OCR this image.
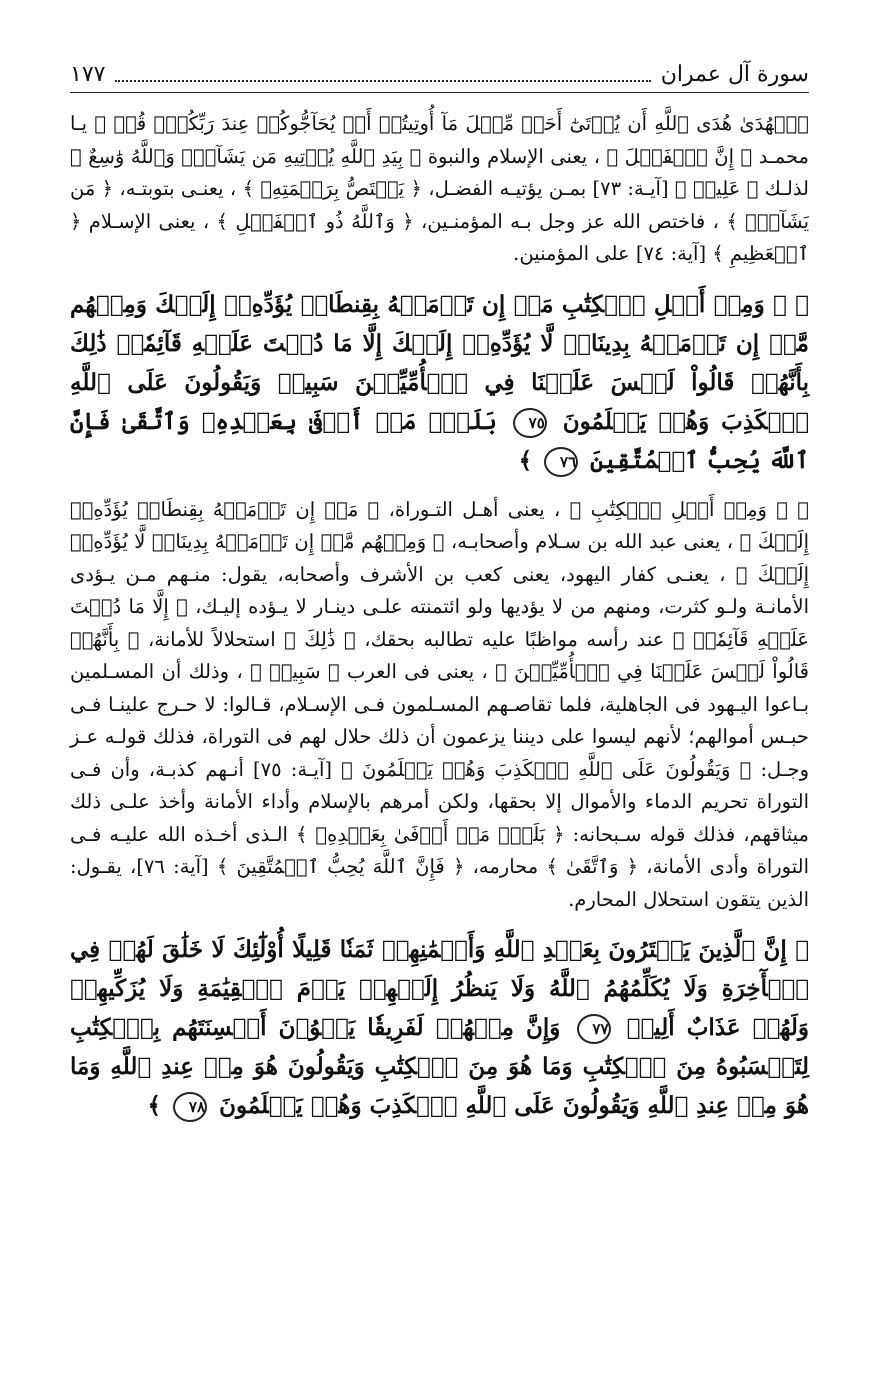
سورة آل عمران
١٧٧

ٱلۡهُدَىٰ هُدَى ٱللَّهِ أَن يُؤۡتَىٰٓ أَحَدٞ مِّثۡلَ مَآ أُوتِيتُمۡ أَوۡ يُحَآجُّوكُمۡ عِندَ رَبِّكُمۡۗ قُلۡ ﴾ يـا محمـد ﴿ إِنَّ ٱلۡفَضۡلَ ﴾ ، يعنى الإسلام والنبوة ﴿ بِيَدِ ٱللَّهِ يُؤۡتِيهِ مَن يَشَآءُۗ وَٱللَّهُ وَٰسِعٌ ﴾ لذلـك ﴿ عَلِيمٞ ﴾ [آيـة: ٧٣] بمـن يؤتيـه الفضـل، ﴿ يَخۡتَصُّ بِرَحۡمَتِهِۦ ﴾ ، يعنـى بتوبتـه، ﴿ مَن يَشَآءُۗ ﴾ ، فاختص الله عز وجل بـه المؤمنـين، ﴿ وَٱللَّهُ ذُو ٱلۡفَضۡلِ ﴾ ، يعنى الإسـلام ﴿ ٱلۡعَظِيمِ ﴾ [آية: ٧٤] على المؤمنين.

﴿ ۞ وَمِنۡ أَهۡلِ ٱلۡكِتَٰبِ مَنۡ إِن تَأۡمَنۡهُ بِقِنطَارٖ يُؤَدِّهِۦٓ إِلَيۡكَ وَمِنۡهُم مَّنۡ إِن تَأۡمَنۡهُ بِدِينَارٖ لَّا يُؤَدِّهِۦٓ إِلَيۡكَ إِلَّا مَا دُمۡتَ عَلَيۡهِ قَآئِمٗاۗ ذَٰلِكَ بِأَنَّهُمۡ قَالُواْ لَيۡسَ عَلَيۡنَا فِي ٱلۡأُمِّيِّـۧنَ سَبِيلٞ وَيَقُولُونَ عَلَى ٱللَّهِ ٱلۡكَذِبَ وَهُمۡ يَعۡلَمُونَ ٧٥ بَلَىٰۚ مَنۡ أَوۡفَىٰ بِعَهۡدِهِۦ وَٱتَّقَىٰ فَإِنَّ ٱللَّهَ يُحِبُّ ٱلۡمُتَّقِينَ ٧٦ ﴾

﴿ ۞ وَمِنۡ أَهۡلِ ٱلۡكِتَٰبِ ﴾ ، يعنى أهـل التـوراة، ﴿ مَنۡ إِن تَأۡمَنۡهُ بِقِنطَارٖ يُؤَدِّهِۦٓ إِلَيۡكَ ﴾ ، يعنى عبد الله بن سـلام وأصحابـه، ﴿ وَمِنۡهُم مَّنۡ إِن تَأۡمَنۡهُ بِدِينَارٖ لَّا يُؤَدِّهِۦٓ إِلَيۡكَ ﴾ ، يعنـى كفار اليهود، يعنى كعب بن الأشرف وأصحابه، يقول: منـهم مـن يـؤدى الأمانـة ولـو كثرت، ومنهم من لا يؤديها ولو ائتمنته علـى دينـار لا يـؤده إليـك، ﴿ إِلَّا مَا دُمۡتَ عَلَيۡهِ قَآئِمٗاۗ ﴾ عند رأسه مواظبًا عليه تطالبه بحقك، ﴿ ذَٰلِكَ ﴾ استحلالاً للأمانة، ﴿ بِأَنَّهُمۡ قَالُواْ لَيۡسَ عَلَيۡنَا فِي ٱلۡأُمِّيِّـۧنَ ﴾ ، يعنى فى العرب ﴿ سَبِيلٞ ﴾ ، وذلك أن المسـلمين بـاعوا اليـهود فى الجاهلية، فلما تقاصـهم المسـلمون فـى الإسـلام، قـالوا: لا حـرج علينـا فـى حبـس أموالهم؛ لأنهم ليسوا على ديننا يزعمون أن ذلك حلال لهم فى التوراة، فذلك قولـه عـز وجـل: ﴿ وَيَقُولُونَ عَلَى ٱللَّهِ ٱلۡكَذِبَ وَهُمۡ يَعۡلَمُونَ ﴾ [آيـة: ٧٥] أنـهم كذبـة، وأن فـى التوراة تحريم الدماء والأموال إلا بحقها، ولكن أمرهم بالإسلام وأداء الأمانة وأخذ علـى ذلك ميثاقهم، فذلك قوله سـبحانه: ﴿ بَلَىٰۚ مَنۡ أَوۡفَىٰ بِعَهۡدِهِۦ ﴾ الـذى أخـذه الله عليـه فـى التوراة وأدى الأمانة، ﴿ وَٱتَّقَىٰ ﴾ محارمه، ﴿ فَإِنَّ ٱللَّهَ يُحِبُّ ٱلۡمُتَّقِينَ ﴾ [آية: ٧٦]، يقـول: الذين يتقون استحلال المحارم.

﴿ إِنَّ ٱلَّذِينَ يَشۡتَرُونَ بِعَهۡدِ ٱللَّهِ وَأَيۡمَٰنِهِمۡ ثَمَنٗا قَلِيلًا أُوْلَٰٓئِكَ لَا خَلَٰقَ لَهُمۡ فِي ٱلۡأٓخِرَةِ وَلَا يُكَلِّمُهُمُ ٱللَّهُ وَلَا يَنظُرُ إِلَيۡهِمۡ يَوۡمَ ٱلۡقِيَٰمَةِ وَلَا يُزَكِّيهِمۡ وَلَهُمۡ عَذَابٌ أَلِيمٞ ٧٧ وَإِنَّ مِنۡهُمۡ لَفَرِيقٗا يَلۡوُۥنَ أَلۡسِنَتَهُم بِٱلۡكِتَٰبِ لِتَحۡسَبُوهُ مِنَ ٱلۡكِتَٰبِ وَمَا هُوَ مِنَ ٱلۡكِتَٰبِ وَيَقُولُونَ هُوَ مِنۡ عِندِ ٱللَّهِ وَمَا هُوَ مِنۡ عِندِ ٱللَّهِ وَيَقُولُونَ عَلَى ٱللَّهِ ٱلۡكَذِبَ وَهُمۡ يَعۡلَمُونَ ٧٨ ﴾
